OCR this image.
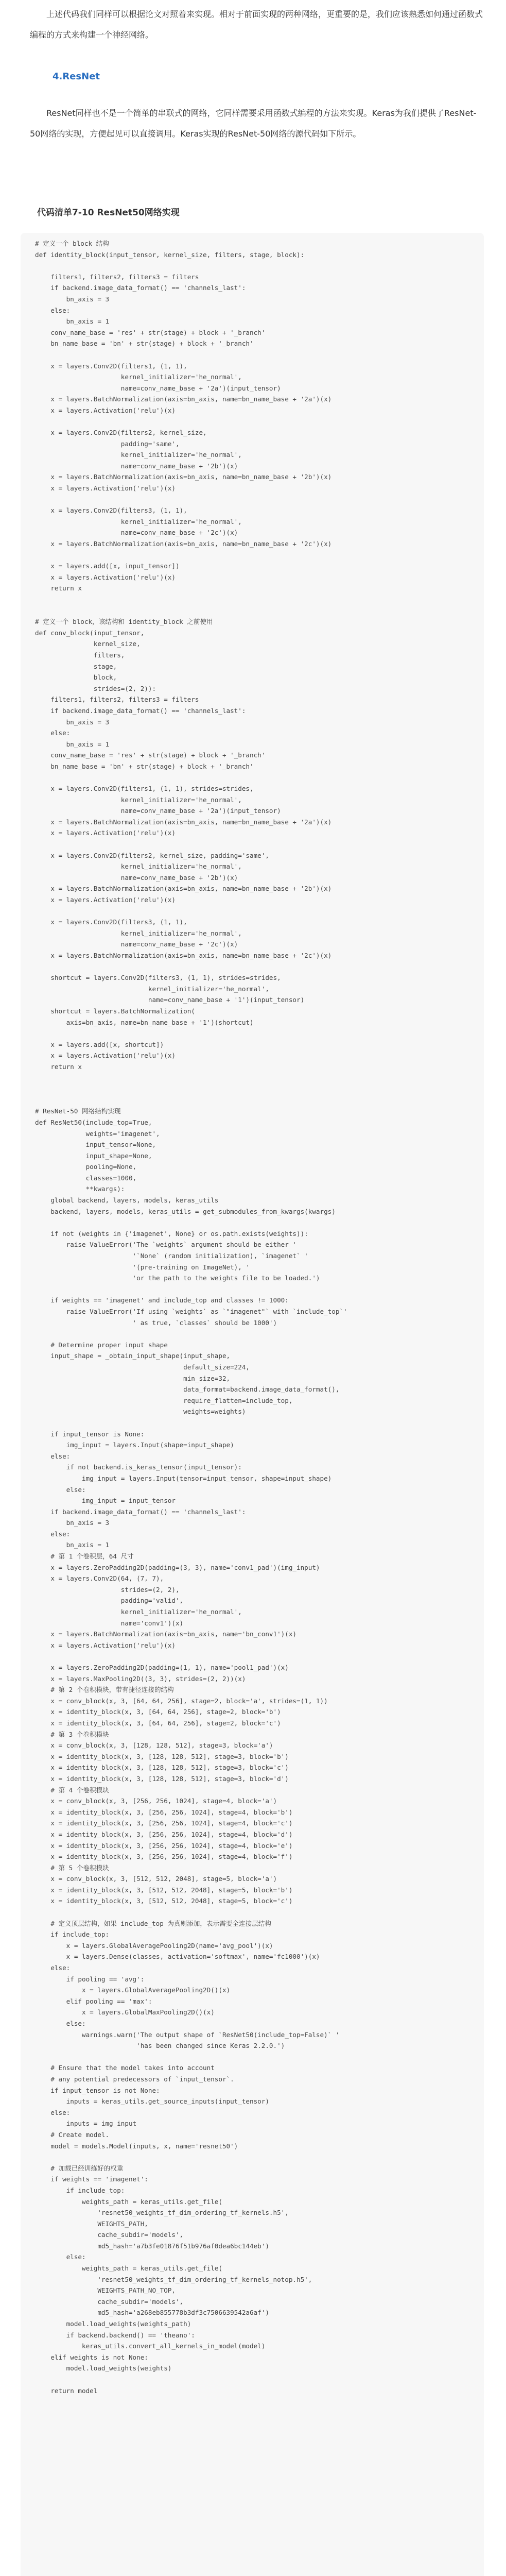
上述代码我们同样可以根据论文对照着来实现。相对于前面实现的两种网络，更重要的是，我们应该熟悉如何通过函数式编程的方式来构建一个神经网络。

4.ResNet

ResNet同样也不是一个简单的串联式的网络，它同样需要采用函数式编程的方法来实现。Keras为我们提供了ResNet-50网络的实现，方便起见可以直接调用。Keras实现的ResNet-50网络的源代码如下所示。

代码清单7-10 ResNet50网络实现
# 定义一个 block 结构
def identity_block(input_tensor, kernel_size, filters, stage, block):
filters1, filters2, filters3 = filters
if backend.image_data_format() == 'channels_last':
bn_axis = 3
else:
bn_axis = 1
conv_name_base = 'res' + str(stage) + block + '_branch'
bn_name_base = 'bn' + str(stage) + block + '_branch'
x = layers.Conv2D(filters1, (1, 1),
kernel_initializer='he_normal',
name=conv_name_base + '2a')(input_tensor)
x = layers.BatchNormalization(axis=bn_axis, name=bn_name_base + '2a')(x)
x = layers.Activation('relu')(x)
x = layers.Conv2D(filters2, kernel_size,
padding='same',
kernel_initializer='he_normal',
name=conv_name_base + '2b')(x)
x = layers.BatchNormalization(axis=bn_axis, name=bn_name_base + '2b')(x)
x = layers.Activation('relu')(x)
x = layers.Conv2D(filters3, (1, 1),
kernel_initializer='he_normal',
name=conv_name_base + '2c')(x)
x = layers.BatchNormalization(axis=bn_axis, name=bn_name_base + '2c')(x)
x = layers.add([x, input_tensor])
x = layers.Activation('relu')(x)
return x
# 定义一个 block，该结构和 identity_block 之前使用
def conv_block(input_tensor,
kernel_size,
filters,
stage,
block,
strides=(2, 2)):
filters1, filters2, filters3 = filters
if backend.image_data_format() == 'channels_last':
bn_axis = 3
else:
bn_axis = 1
conv_name_base = 'res' + str(stage) + block + '_branch'
bn_name_base = 'bn' + str(stage) + block + '_branch'
x = layers.Conv2D(filters1, (1, 1), strides=strides,
kernel_initializer='he_normal',
name=conv_name_base + '2a')(input_tensor)
x = layers.BatchNormalization(axis=bn_axis, name=bn_name_base + '2a')(x)
x = layers.Activation('relu')(x)
x = layers.Conv2D(filters2, kernel_size, padding='same',
kernel_initializer='he_normal',
name=conv_name_base + '2b')(x)
x = layers.BatchNormalization(axis=bn_axis, name=bn_name_base + '2b')(x)
x = layers.Activation('relu')(x)
x = layers.Conv2D(filters3, (1, 1),
kernel_initializer='he_normal',
name=conv_name_base + '2c')(x)
x = layers.BatchNormalization(axis=bn_axis, name=bn_name_base + '2c')(x)
shortcut = layers.Conv2D(filters3, (1, 1), strides=strides,
kernel_initializer='he_normal',
name=conv_name_base + '1')(input_tensor)
shortcut = layers.BatchNormalization(
axis=bn_axis, name=bn_name_base + '1')(shortcut)
x = layers.add([x, shortcut])
x = layers.Activation('relu')(x)
return x
# ResNet-50 网络结构实现
def ResNet50(include_top=True,
weights='imagenet',
input_tensor=None,
input_shape=None,
pooling=None,
classes=1000,
**kwargs):
global backend, layers, models, keras_utils
backend, layers, models, keras_utils = get_submodules_from_kwargs(kwargs)
if not (weights in {'imagenet', None} or os.path.exists(weights)):
raise ValueError('The `weights` argument should be either '
'`None` (random initialization), `imagenet` '
'(pre-training on ImageNet), '
'or the path to the weights file to be loaded.')
if weights == 'imagenet' and include_top and classes != 1000:
raise ValueError('If using `weights` as `"imagenet"` with `include_top`'
' as true, `classes` should be 1000')
# Determine proper input shape
input_shape = _obtain_input_shape(input_shape,
default_size=224,
min_size=32,
data_format=backend.image_data_format(),
require_flatten=include_top,
weights=weights)
if input_tensor is None:
img_input = layers.Input(shape=input_shape)
else:
if not backend.is_keras_tensor(input_tensor):
img_input = layers.Input(tensor=input_tensor, shape=input_shape)
else:
img_input = input_tensor
if backend.image_data_format() == 'channels_last':
bn_axis = 3
else:
bn_axis = 1
# 第 1 个卷积层，64 尺寸
x = layers.ZeroPadding2D(padding=(3, 3), name='conv1_pad')(img_input)
x = layers.Conv2D(64, (7, 7),
strides=(2, 2),
padding='valid',
kernel_initializer='he_normal',
name='conv1')(x)
x = layers.BatchNormalization(axis=bn_axis, name='bn_conv1')(x)
x = layers.Activation('relu')(x)
x = layers.ZeroPadding2D(padding=(1, 1), name='pool1_pad')(x)
x = layers.MaxPooling2D((3, 3), strides=(2, 2))(x)
# 第 2 个卷积模块，带有捷径连接的结构
x = conv_block(x, 3, [64, 64, 256], stage=2, block='a', strides=(1, 1))
x = identity_block(x, 3, [64, 64, 256], stage=2, block='b')
x = identity_block(x, 3, [64, 64, 256], stage=2, block='c')
# 第 3 个卷积模块
x = conv_block(x, 3, [128, 128, 512], stage=3, block='a')
x = identity_block(x, 3, [128, 128, 512], stage=3, block='b')
x = identity_block(x, 3, [128, 128, 512], stage=3, block='c')
x = identity_block(x, 3, [128, 128, 512], stage=3, block='d')
# 第 4 个卷积模块
x = conv_block(x, 3, [256, 256, 1024], stage=4, block='a')
x = identity_block(x, 3, [256, 256, 1024], stage=4, block='b')
x = identity_block(x, 3, [256, 256, 1024], stage=4, block='c')
x = identity_block(x, 3, [256, 256, 1024], stage=4, block='d')
x = identity_block(x, 3, [256, 256, 1024], stage=4, block='e')
x = identity_block(x, 3, [256, 256, 1024], stage=4, block='f')
# 第 5 个卷积模块
x = conv_block(x, 3, [512, 512, 2048], stage=5, block='a')
x = identity_block(x, 3, [512, 512, 2048], stage=5, block='b')
x = identity_block(x, 3, [512, 512, 2048], stage=5, block='c')
# 定义顶层结构，如果 include_top 为真则添加，表示需要全连接层结构
if include_top:
x = layers.GlobalAveragePooling2D(name='avg_pool')(x)
x = layers.Dense(classes, activation='softmax', name='fc1000')(x)
else:
if pooling == 'avg':
x = layers.GlobalAveragePooling2D()(x)
elif pooling == 'max':
x = layers.GlobalMaxPooling2D()(x)
else:
warnings.warn('The output shape of `ResNet50(include_top=False)` '
'has been changed since Keras 2.2.0.')
# Ensure that the model takes into account
# any potential predecessors of `input_tensor`.
if input_tensor is not None:
inputs = keras_utils.get_source_inputs(input_tensor)
else:
inputs = img_input
# Create model.
model = models.Model(inputs, x, name='resnet50')
# 加载已经训练好的权重
if weights == 'imagenet':
if include_top:
weights_path = keras_utils.get_file(
'resnet50_weights_tf_dim_ordering_tf_kernels.h5',
WEIGHTS_PATH,
cache_subdir='models',
md5_hash='a7b3fe01876f51b976af0dea6bc144eb')
else:
weights_path = keras_utils.get_file(
'resnet50_weights_tf_dim_ordering_tf_kernels_notop.h5',
WEIGHTS_PATH_NO_TOP,
cache_subdir='models',
md5_hash='a268eb855778b3df3c7506639542a6af')
model.load_weights(weights_path)
if backend.backend() == 'theano':
keras_utils.convert_all_kernels_in_model(model)
elif weights is not None:
model.load_weights(weights)
return model
